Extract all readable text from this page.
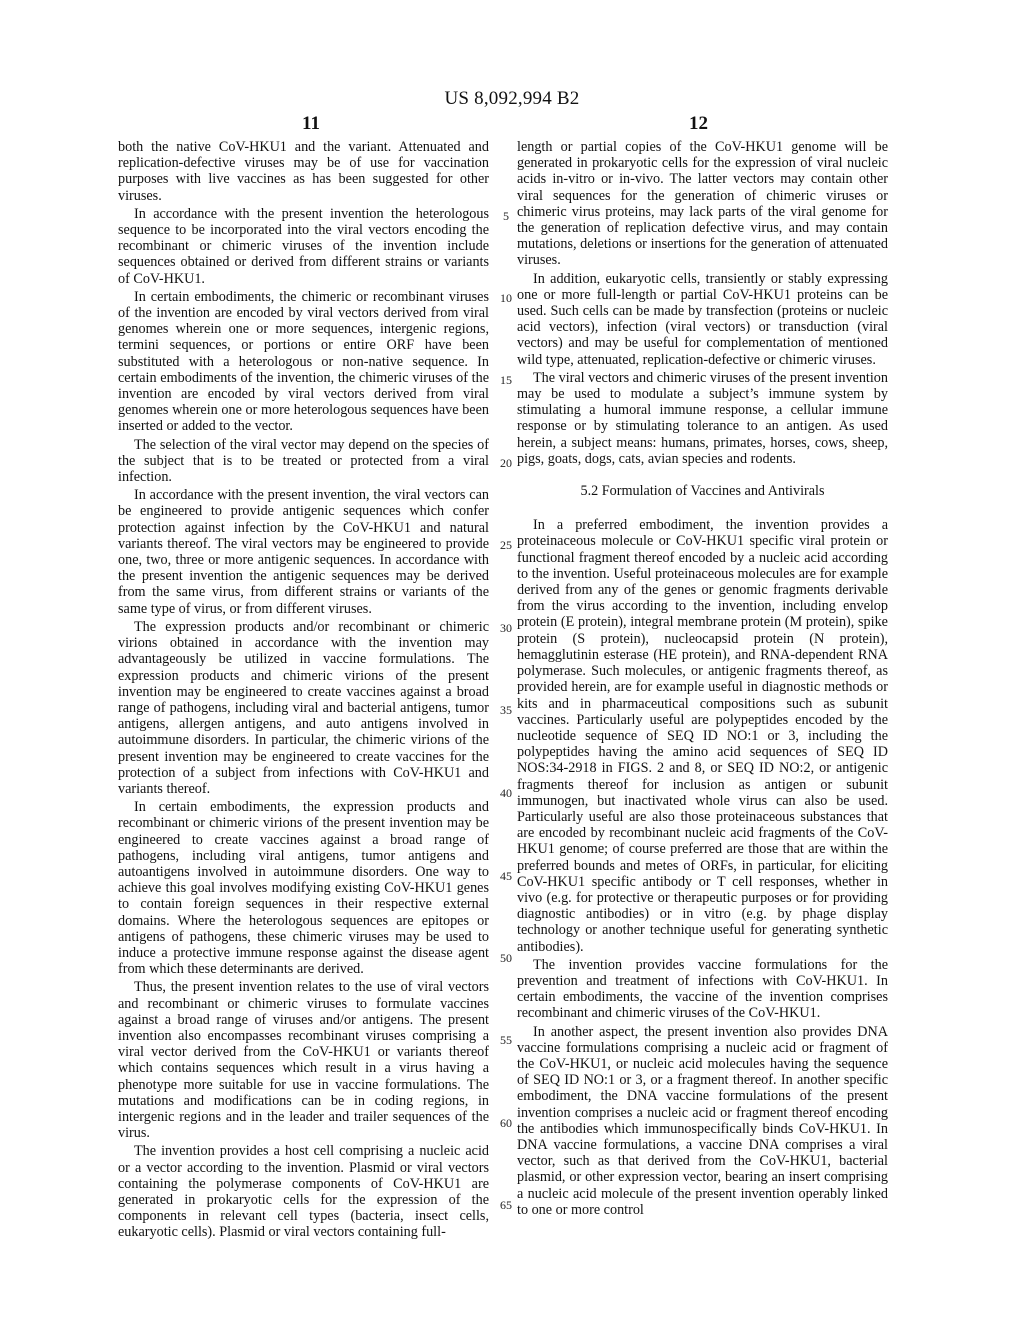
US 8,092,994 B2
11	12

both the native CoV-HKU1 and the variant. Attenuated and replication-defective viruses may be of use for vaccination purposes with live vaccines as has been suggested for other viruses.

In accordance with the present invention the heterologous sequence to be incorporated into the viral vectors encoding the recombinant or chimeric viruses of the invention include sequences obtained or derived from different strains or variants of CoV-HKU1.

In certain embodiments, the chimeric or recombinant viruses of the invention are encoded by viral vectors derived from viral genomes wherein one or more sequences, intergenic regions, termini sequences, or portions or entire ORF have been substituted with a heterologous or non-native sequence. In certain embodiments of the invention, the chimeric viruses of the invention are encoded by viral vectors derived from viral genomes wherein one or more heterologous sequences have been inserted or added to the vector.

The selection of the viral vector may depend on the species of the subject that is to be treated or protected from a viral infection.

In accordance with the present invention, the viral vectors can be engineered to provide antigenic sequences which confer protection against infection by the CoV-HKU1 and natural variants thereof. The viral vectors may be engineered to provide one, two, three or more antigenic sequences. In accordance with the present invention the antigenic sequences may be derived from the same virus, from different strains or variants of the same type of virus, or from different viruses.

The expression products and/or recombinant or chimeric virions obtained in accordance with the invention may advantageously be utilized in vaccine formulations. The expression products and chimeric virions of the present invention may be engineered to create vaccines against a broad range of pathogens, including viral and bacterial antigens, tumor antigens, allergen antigens, and auto antigens involved in autoimmune disorders. In particular, the chimeric virions of the present invention may be engineered to create vaccines for the protection of a subject from infections with CoV-HKU1 and variants thereof.

In certain embodiments, the expression products and recombinant or chimeric virions of the present invention may be engineered to create vaccines against a broad range of pathogens, including viral antigens, tumor antigens and autoantigens involved in autoimmune disorders. One way to achieve this goal involves modifying existing CoV-HKU1 genes to contain foreign sequences in their respective external domains. Where the heterologous sequences are epitopes or antigens of pathogens, these chimeric viruses may be used to induce a protective immune response against the disease agent from which these determinants are derived.

Thus, the present invention relates to the use of viral vectors and recombinant or chimeric viruses to formulate vaccines against a broad range of viruses and/or antigens. The present invention also encompasses recombinant viruses comprising a viral vector derived from the CoV-HKU1 or variants thereof which contains sequences which result in a virus having a phenotype more suitable for use in vaccine formulations. The mutations and modifications can be in coding regions, in intergenic regions and in the leader and trailer sequences of the virus.

The invention provides a host cell comprising a nucleic acid or a vector according to the invention. Plasmid or viral vectors containing the polymerase components of CoV-HKU1 are generated in prokaryotic cells for the expression of the components in relevant cell types (bacteria, insect cells, eukaryotic cells). Plasmid or viral vectors containing full-

length or partial copies of the CoV-HKU1 genome will be generated in prokaryotic cells for the expression of viral nucleic acids in-vitro or in-vivo. The latter vectors may contain other viral sequences for the generation of chimeric viruses or chimeric virus proteins, may lack parts of the viral genome for the generation of replication defective virus, and may contain mutations, deletions or insertions for the generation of attenuated viruses.

In addition, eukaryotic cells, transiently or stably expressing one or more full-length or partial CoV-HKU1 proteins can be used. Such cells can be made by transfection (proteins or nucleic acid vectors), infection (viral vectors) or transduction (viral vectors) and may be useful for complementation of mentioned wild type, attenuated, replication-defective or chimeric viruses.

The viral vectors and chimeric viruses of the present invention may be used to modulate a subject’s immune system by stimulating a humoral immune response, a cellular immune response or by stimulating tolerance to an antigen. As used herein, a subject means: humans, primates, horses, cows, sheep, pigs, goats, dogs, cats, avian species and rodents.

5.2 Formulation of Vaccines and Antivirals

In a preferred embodiment, the invention provides a proteinaceous molecule or CoV-HKU1 specific viral protein or functional fragment thereof encoded by a nucleic acid according to the invention. Useful proteinaceous molecules are for example derived from any of the genes or genomic fragments derivable from the virus according to the invention, including envelop protein (E protein), integral membrane protein (M protein), spike protein (S protein), nucleocapsid protein (N protein), hemagglutinin esterase (HE protein), and RNA-dependent RNA polymerase. Such molecules, or antigenic fragments thereof, as provided herein, are for example useful in diagnostic methods or kits and in pharmaceutical compositions such as subunit vaccines. Particularly useful are polypeptides encoded by the nucleotide sequence of SEQ ID NO:1 or 3, including the polypeptides having the amino acid sequences of SEQ ID NOS:34-2918 in FIGS. 2 and 8, or SEQ ID NO:2, or antigenic fragments thereof for inclusion as antigen or subunit immunogen, but inactivated whole virus can also be used. Particularly useful are also those proteinaceous substances that are encoded by recombinant nucleic acid fragments of the CoV-HKU1 genome; of course preferred are those that are within the preferred bounds and metes of ORFs, in particular, for eliciting CoV-HKU1 specific antibody or T cell responses, whether in vivo (e.g. for protective or therapeutic purposes or for providing diagnostic antibodies) or in vitro (e.g. by phage display technology or another technique useful for generating synthetic antibodies).

The invention provides vaccine formulations for the prevention and treatment of infections with CoV-HKU1. In certain embodiments, the vaccine of the invention comprises recombinant and chimeric viruses of the CoV-HKU1.

In another aspect, the present invention also provides DNA vaccine formulations comprising a nucleic acid or fragment of the CoV-HKU1, or nucleic acid molecules having the sequence of SEQ ID NO:1 or 3, or a fragment thereof. In another specific embodiment, the DNA vaccine formulations of the present invention comprises a nucleic acid or fragment thereof encoding the antibodies which immunospecifically binds CoV-HKU1. In DNA vaccine formulations, a vaccine DNA comprises a viral vector, such as that derived from the CoV-HKU1, bacterial plasmid, or other expression vector, bearing an insert comprising a nucleic acid molecule of the present invention operably linked to one or more control

5
10
15
20
25
30
35
40
45
50
55
60
65
